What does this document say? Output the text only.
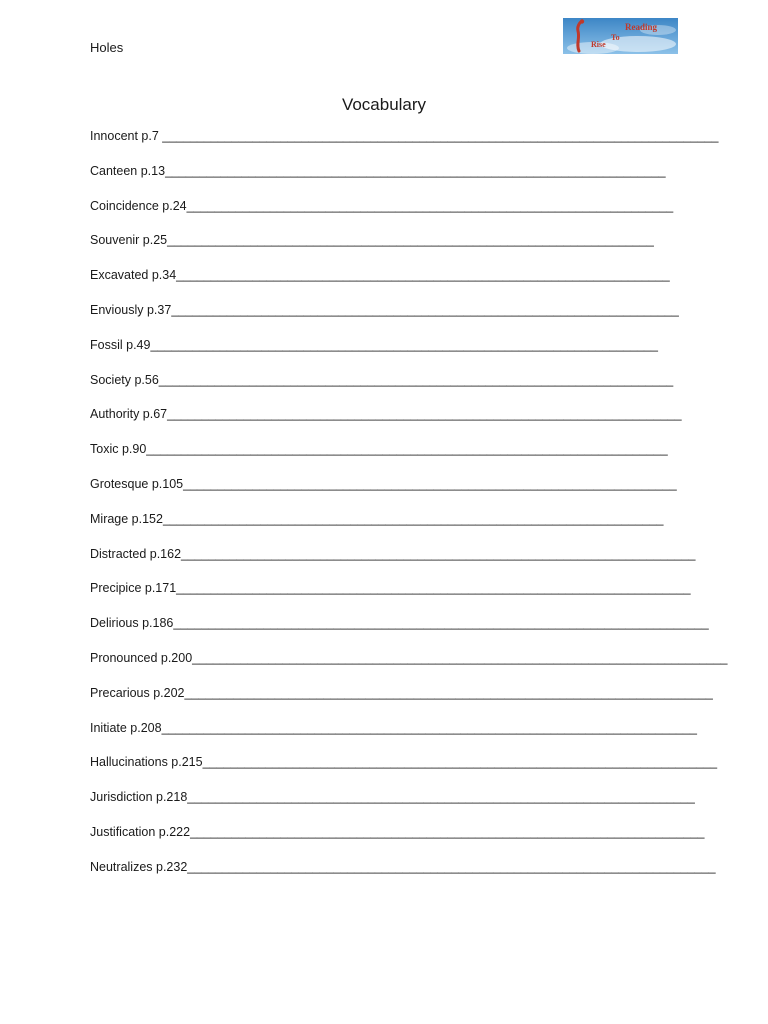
Holes
Reading
To
Rise
Vocabulary
Innocent p.7 ________________________________________________________________________________
Canteen p.13________________________________________________________________________
Coincidence p.24______________________________________________________________________
Souvenir p.25______________________________________________________________________
Excavated p.34_______________________________________________________________________
Enviously p.37_________________________________________________________________________
Fossil p.49_________________________________________________________________________
Society p.56__________________________________________________________________________
Authority p.67__________________________________________________________________________
Toxic p.90___________________________________________________________________________
Grotesque p.105_______________________________________________________________________
Mirage p.152________________________________________________________________________
Distracted p.162__________________________________________________________________________
Precipice p.171__________________________________________________________________________
Delirious p.186_____________________________________________________________________________
Pronounced p.200_____________________________________________________________________________
Precarious p.202____________________________________________________________________________
Initiate p.208_____________________________________________________________________________
Hallucinations p.215__________________________________________________________________________
Jurisdiction p.218_________________________________________________________________________
Justification p.222__________________________________________________________________________
Neutralizes p.232____________________________________________________________________________
